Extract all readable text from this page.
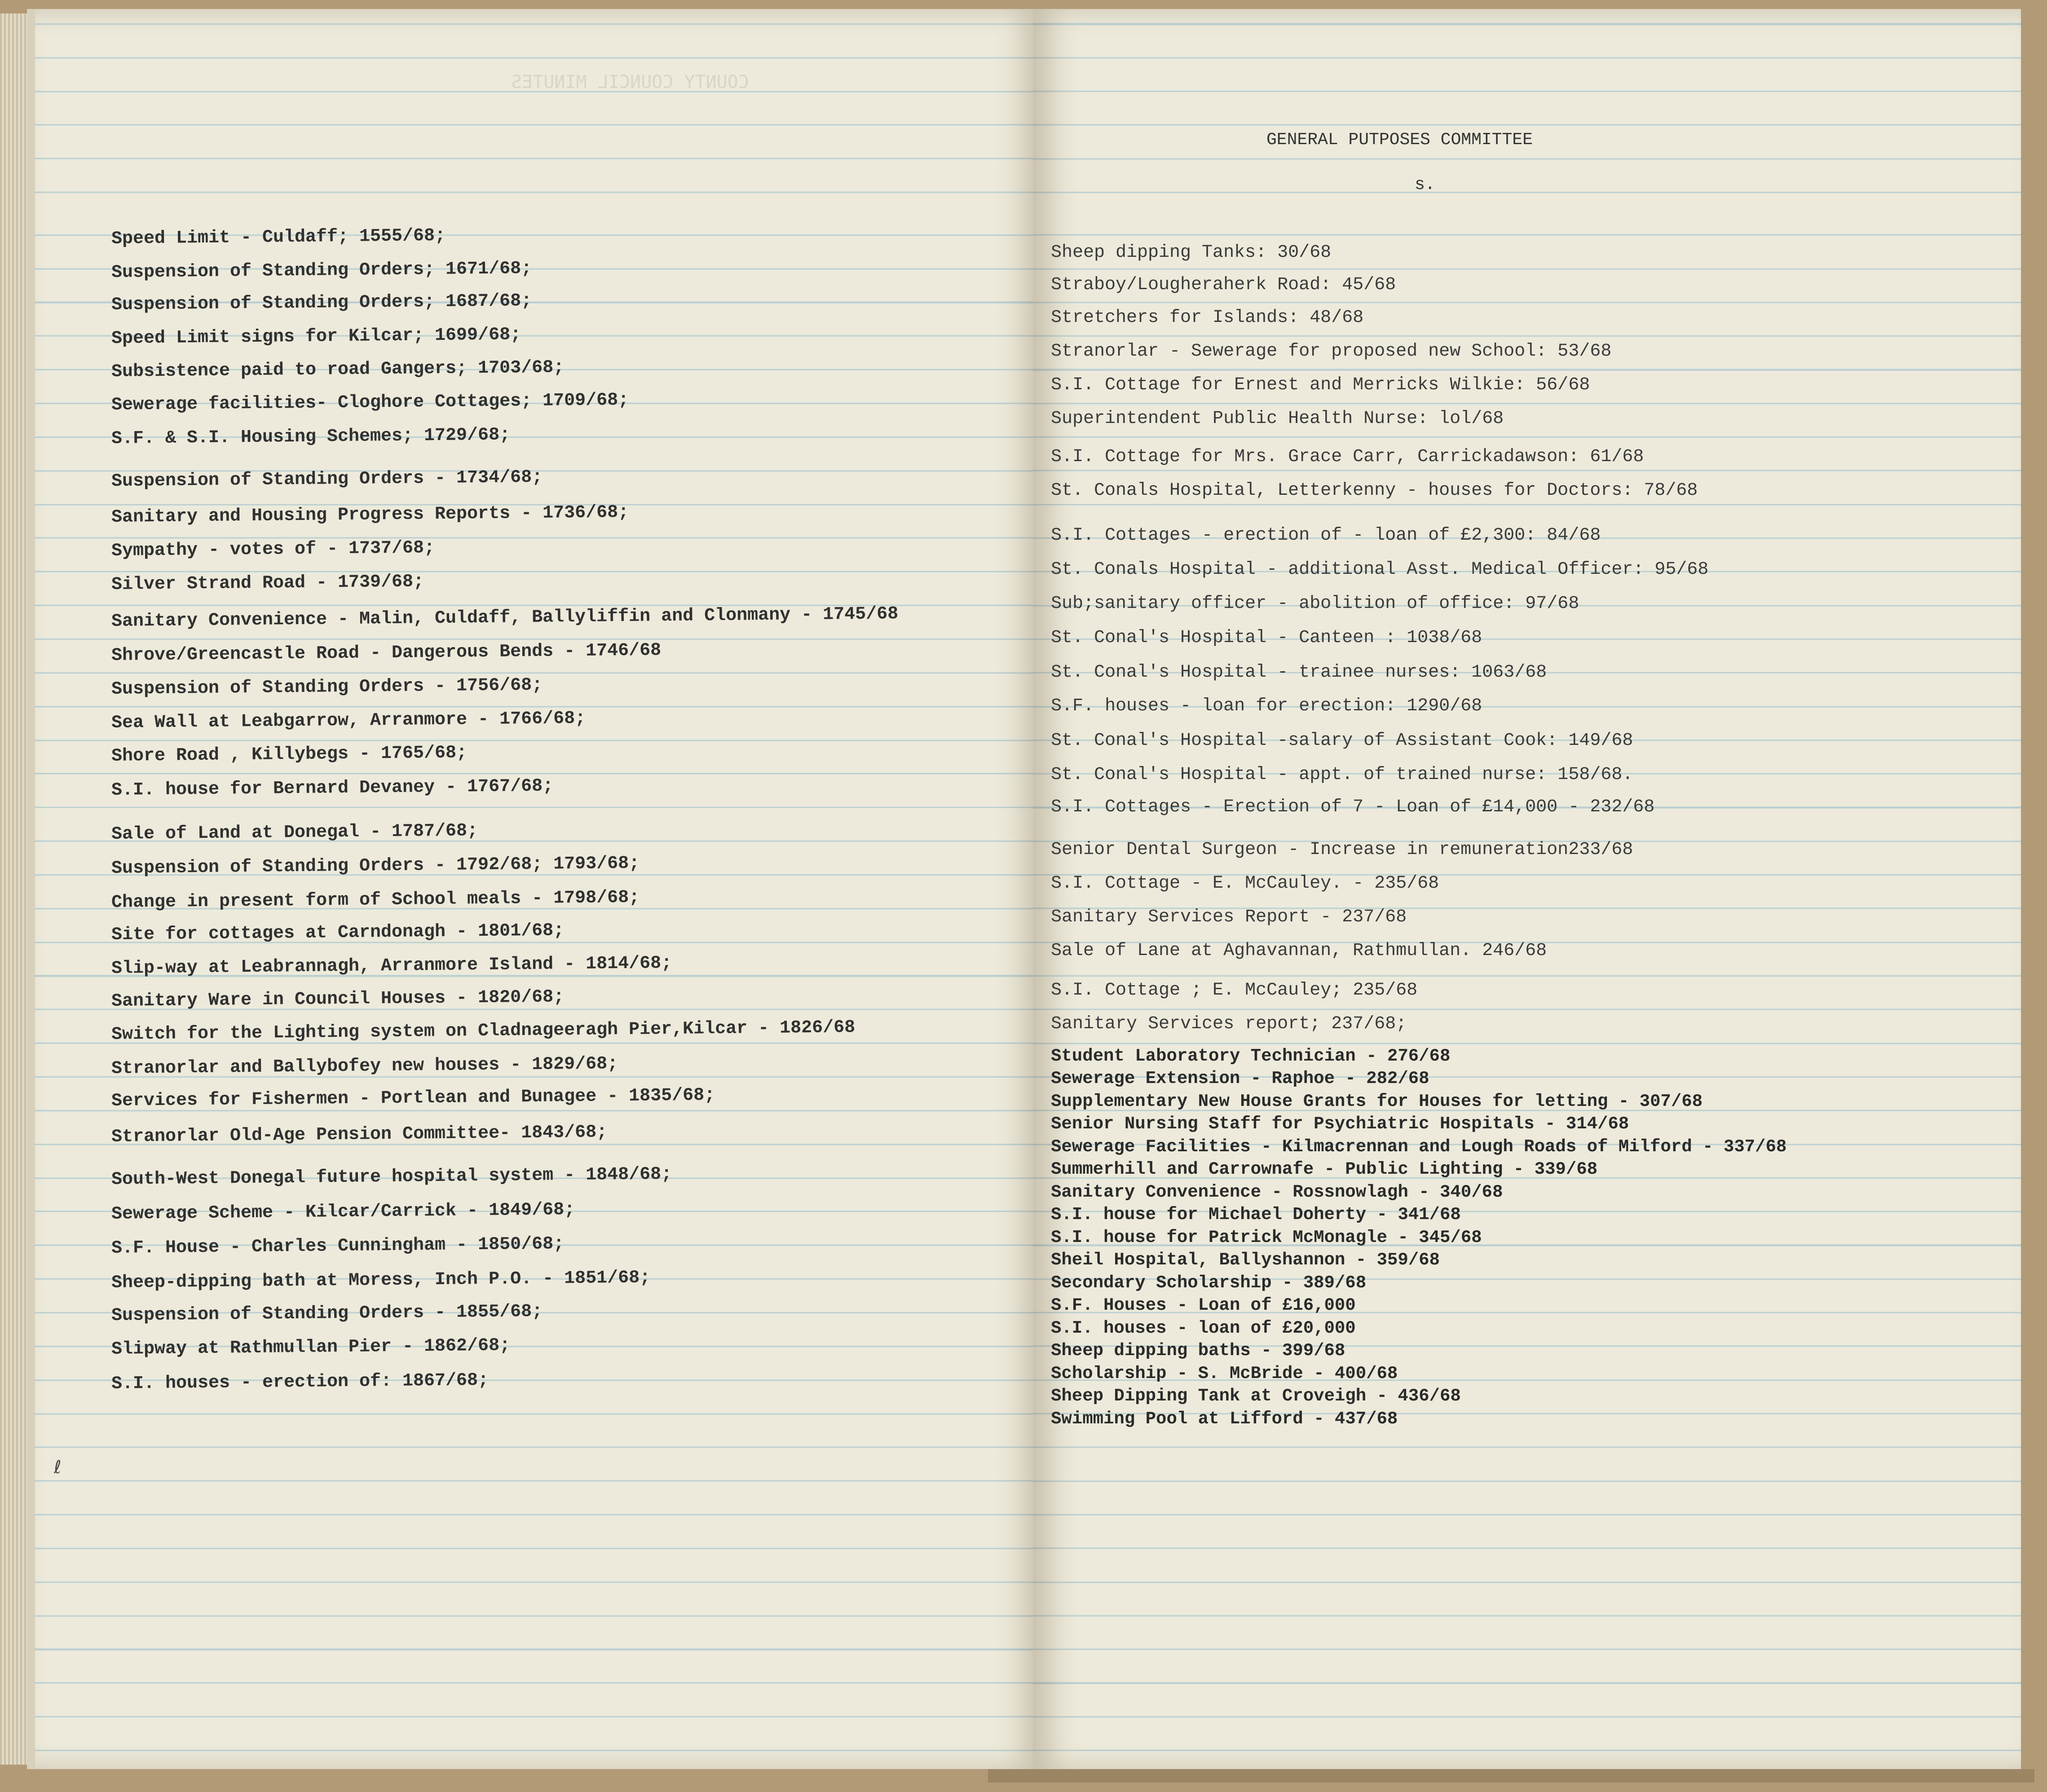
COUNTY COUNCIL MINUTES
Speed Limit - Culdaff; 1555/68;
Suspension of Standing Orders; 1671/68;
Suspension of Standing Orders; 1687/68;
Speed Limit signs for Kilcar; 1699/68;
Subsistence paid to road Gangers; 1703/68;
Sewerage facilities- Cloghore Cottages; 1709/68;
S.F. & S.I. Housing Schemes; 1729/68;
Suspension of Standing Orders - 1734/68;
Sanitary and Housing Progress Reports - 1736/68;
Sympathy - votes of - 1737/68;
Silver Strand Road - 1739/68;
Sanitary Convenience - Malin, Culdaff, Ballyliffin and Clonmany - 1745/68
Shrove/Greencastle Road - Dangerous Bends - 1746/68
Suspension of Standing Orders - 1756/68;
Sea Wall at Leabgarrow, Arranmore - 1766/68;
Shore Road , Killybegs - 1765/68;
S.I. house for Bernard Devaney - 1767/68;
Sale of Land at Donegal - 1787/68;
Suspension of Standing Orders - 1792/68; 1793/68;
Change in present form of School meals - 1798/68;
Site for cottages at Carndonagh - 1801/68;
Slip-way at Leabrannagh, Arranmore Island - 1814/68;
Sanitary Ware in Council Houses - 1820/68;
Switch for the Lighting system on Cladnageeragh Pier,Kilcar - 1826/68
Stranorlar and Ballybofey new houses - 1829/68;
Services for Fishermen - Portlean and Bunagee - 1835/68;
Stranorlar Old-Age Pension Committee- 1843/68;
South-West Donegal future hospital system - 1848/68;
Sewerage Scheme - Kilcar/Carrick - 1849/68;
S.F. House - Charles Cunningham - 1850/68;
Sheep-dipping bath at Moress, Inch P.O. - 1851/68;
Suspension of Standing Orders - 1855/68;
Slipway at Rathmullan Pier - 1862/68;
S.I. houses - erection of: 1867/68;
ℓ
GENERAL PUTPOSES COMMITTEE
s.
Sheep dipping Tanks: 30/68
Straboy/Lougheraherk Road: 45/68
Stretchers for Islands: 48/68
Stranorlar - Sewerage for proposed new School: 53/68
S.I. Cottage for Ernest and Merricks Wilkie: 56/68
Superintendent Public Health Nurse: lol/68
S.I. Cottage for Mrs. Grace Carr, Carrickadawson: 61/68
St. Conals Hospital, Letterkenny - houses for Doctors: 78/68
S.I. Cottages - erection of - loan of £2,300: 84/68
St. Conals Hospital - additional Asst. Medical Officer: 95/68
Sub;sanitary officer - abolition of office: 97/68
St. Conal's Hospital - Canteen : 1038/68
St. Conal's Hospital - trainee nurses: 1063/68
S.F. houses - loan for erection: 1290/68
St. Conal's Hospital -salary of Assistant Cook: 149/68
St. Conal's Hospital - appt. of trained nurse: 158/68.
S.I. Cottages - Erection of 7 - Loan of £14,000 - 232/68
Senior Dental Surgeon - Increase in remuneration233/68
S.I. Cottage - E. McCauley. - 235/68
Sanitary Services Report - 237/68
Sale of Lane at Aghavannan, Rathmullan. 246/68
S.I. Cottage ; E. McCauley; 235/68
Sanitary Services report; 237/68;
Student Laboratory Technician - 276/68
Sewerage Extension - Raphoe - 282/68
Supplementary New House Grants for Houses for letting - 307/68
Senior Nursing Staff for Psychiatric Hospitals - 314/68
Sewerage Facilities - Kilmacrennan and Lough Roads of Milford - 337/68
Summerhill and Carrownafe - Public Lighting - 339/68
Sanitary Convenience - Rossnowlagh - 340/68
S.I. house for Michael Doherty - 341/68
S.I. house for Patrick McMonagle - 345/68
Sheil Hospital, Ballyshannon - 359/68
Secondary Scholarship - 389/68
S.F. Houses - Loan of £16,000
S.I. houses - loan of £20,000
Sheep dipping baths - 399/68
Scholarship - S. McBride - 400/68
Sheep Dipping Tank at Croveigh - 436/68
Swimming Pool at Lifford - 437/68
